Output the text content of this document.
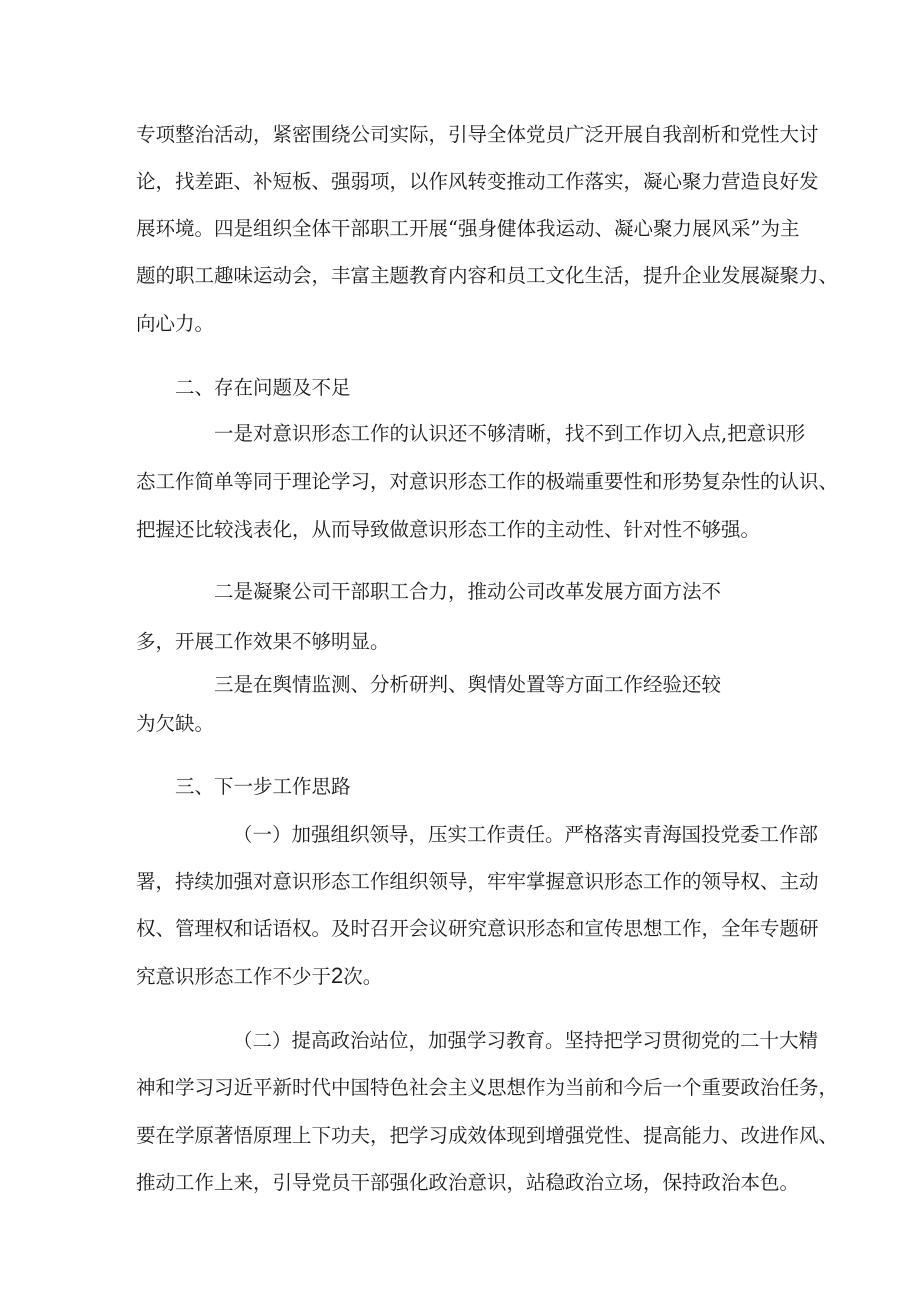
专项整治活动，紧密围绕公司实际，引导全体党员广泛开展自我剖析和党性大讨

论，找差距、补短板、强弱项，以作风转变推动工作落实，凝心聚力营造良好发

展环境。四是组织全体干部职工开展“强身健体我运动、凝心聚力展风采”为主

题的职工趣味运动会，丰富主题教育内容和员工文化生活，提升企业发展凝聚力、

向心力。

二、存在问题及不足

一是对意识形态工作的认识还不够清晰，找不到工作切入点,把意识形

态工作简单等同于理论学习，对意识形态工作的极端重要性和形势复杂性的认识、

把握还比较浅表化，从而导致做意识形态工作的主动性、针对性不够强。

二是凝聚公司干部职工合力，推动公司改革发展方面方法不

多，开展工作效果不够明显。

三是在舆情监测、分析研判、舆情处置等方面工作经验还较

为欠缺。

三、下一步工作思路

（一）加强组织领导，压实工作责任。严格落实青海国投党委工作部

署，持续加强对意识形态工作组织领导，牢牢掌握意识形态工作的领导权、主动

权、管理权和话语权。及时召开会议研究意识形态和宣传思想工作，全年专题研

究意识形态工作不少于2次。

（二）提高政治站位，加强学习教育。坚持把学习贯彻党的二十大精

神和学习习近平新时代中国特色社会主义思想作为当前和今后一个重要政治任务，

要在学原著悟原理上下功夫，把学习成效体现到增强党性、提高能力、改进作风、

推动工作上来，引导党员干部强化政治意识，站稳政治立场，保持政治本色。
